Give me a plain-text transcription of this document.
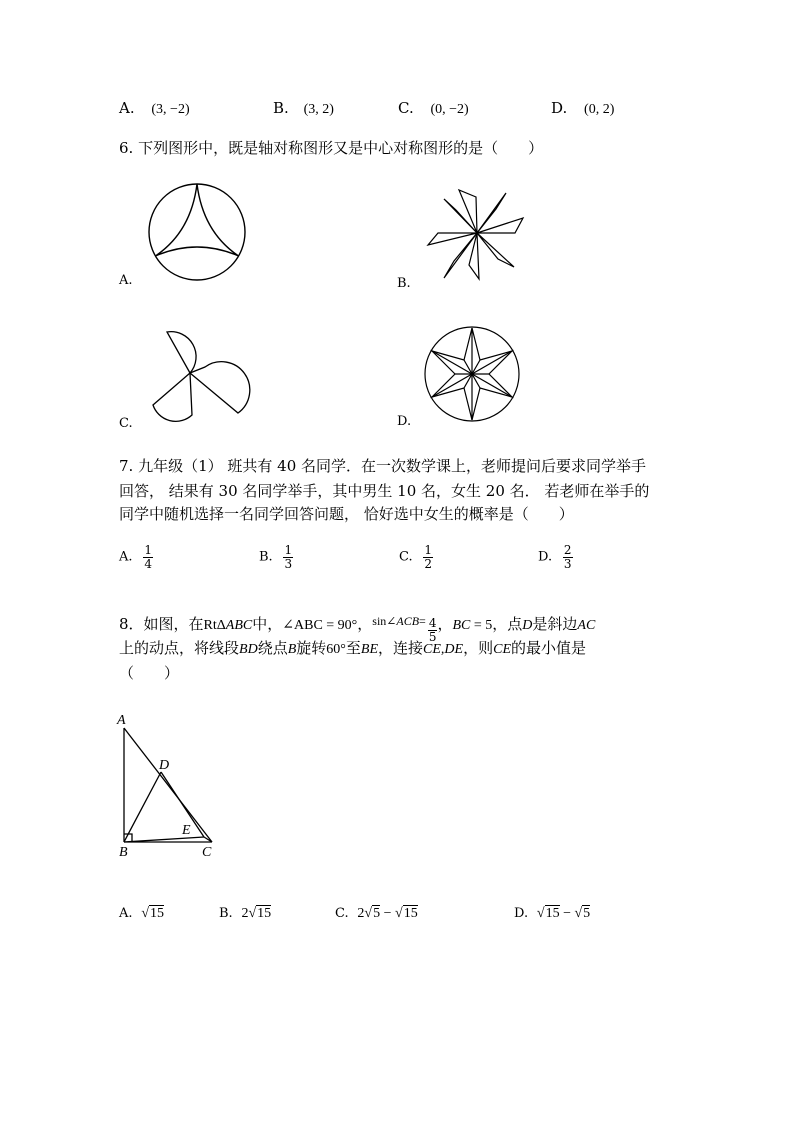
A. (3, −2)	B. (3, 2)	C. (0, −2)	D. (0, 2)
6. 下列图形中，既是轴对称图形又是中心对称图形的是（　　）
A.	B.
C.	D.
7. 九年级（1） 班共有 40 名同学．在一次数学课上，老师提问后要求同学举手
回答， 结果有 30 名同学举手，其中男生 10 名，女生 20 名． 若老师在举手的
同学中随机选择一名同学回答问题， 恰好选中女生的概率是（　　）
A. $\frac{1}{4}$	B. $\frac{1}{3}$	C. $\frac{1}{2}$	D. $\frac{2}{3}$
8．如图，在RtΔABC中，∠ABC = 90°，$^{sin\angle ACB=} \frac{4}{5}$ ，BC = 5，点D是斜边AC
上的动点，将线段BD绕点B旋转60°至BE，连接CE,DE，则CE的最小值是
（　　）
A
D
E
B	C
A. √15	B. 2√15	C. 2√5 − √15	D. √15 − √5
